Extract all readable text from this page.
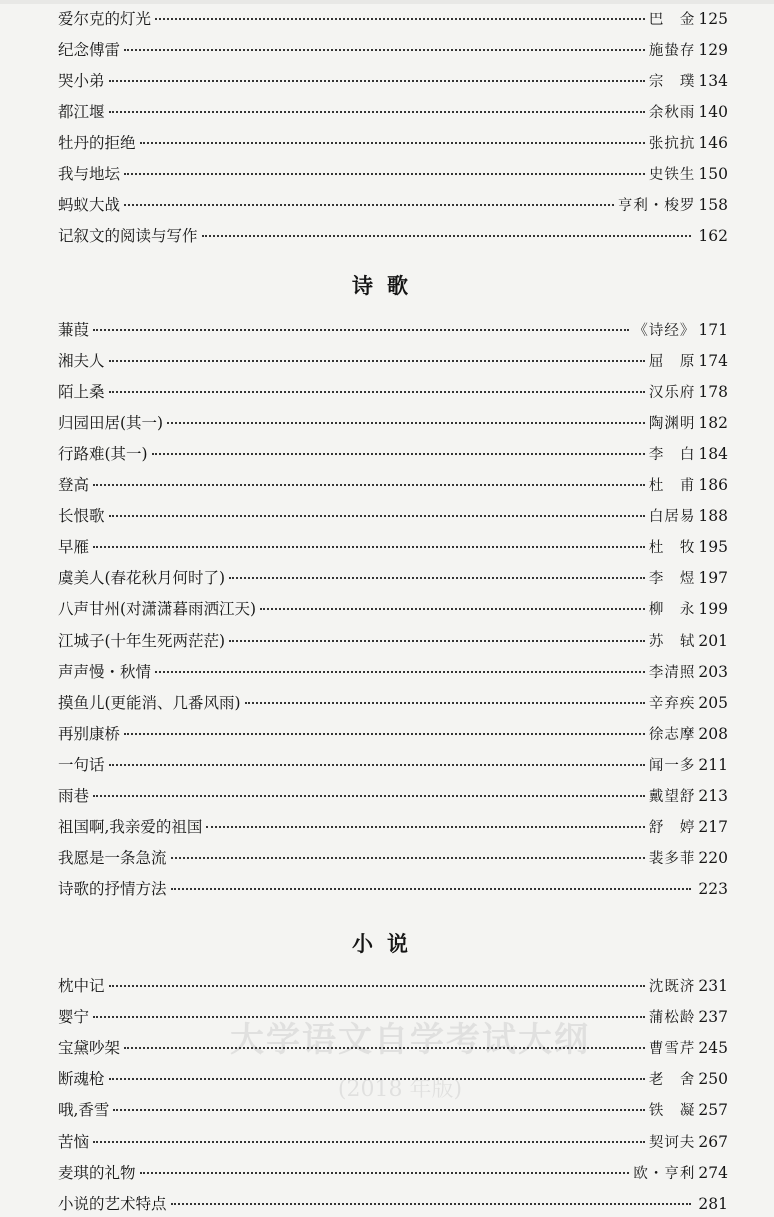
大学语文自学考试大纲
(2018 年版)
爱尔克的灯光	巴　金 125
纪念傅雷	施蛰存 129
哭小弟	宗　璞 134
都江堰	余秋雨 140
牡丹的拒绝	张抗抗 146
我与地坛	史铁生 150
蚂蚁大战	亨利・梭罗 158
记叙文的阅读与写作	162
诗歌
蒹葭	《诗经》 171
湘夫人	屈　原 174
陌上桑	汉乐府 178
归园田居(其一)	陶渊明 182
行路难(其一)	李　白 184
登高	杜　甫 186
长恨歌	白居易 188
早雁	杜　牧 195
虞美人(春花秋月何时了)	李　煜 197
八声甘州(对潇潇暮雨洒江天)	柳　永 199
江城子(十年生死两茫茫)	苏　轼 201
声声慢・秋情	李清照 203
摸鱼儿(更能消、几番风雨)	辛弃疾 205
再别康桥	徐志摩 208
一句话	闻一多 211
雨巷	戴望舒 213
祖国啊,我亲爱的祖国	舒　婷 217
我愿是一条急流	裴多菲 220
诗歌的抒情方法	223
小说
枕中记	沈既济 231
婴宁	蒲松龄 237
宝黛吵架	曹雪芹 245
断魂枪	老　舍 250
哦,香雪	铁　凝 257
苦恼	契诃夫 267
麦琪的礼物	欧・亨利 274
小说的艺术特点	281
